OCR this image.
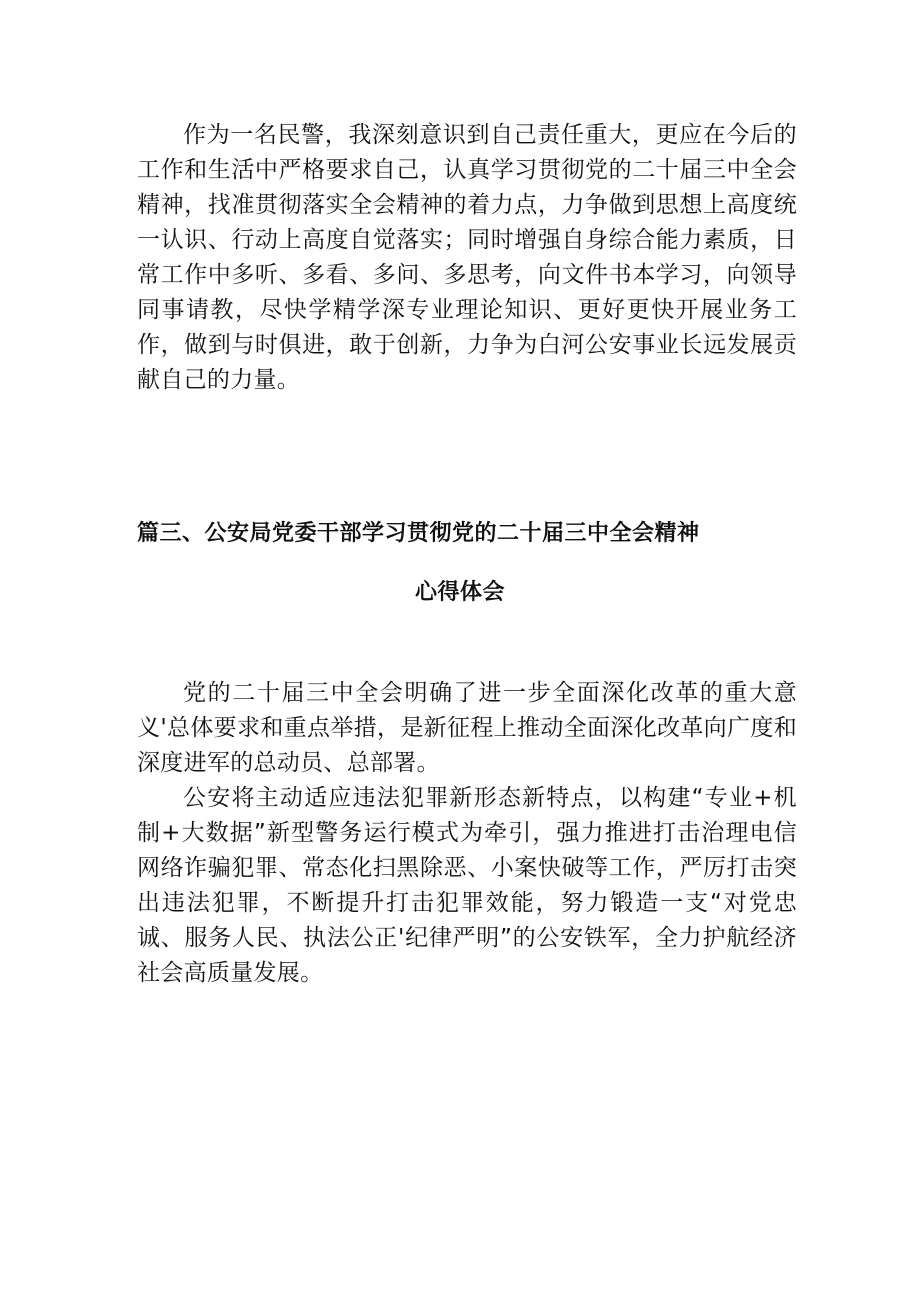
作为一名民警，我深刻意识到自己责任重大，更应在今后的工作和生活中严格要求自己，认真学习贯彻党的二十届三中全会精神，找准贯彻落实全会精神的着力点，力争做到思想上高度统一认识、行动上高度自觉落实；同时增强自身综合能力素质，日常工作中多听、多看、多问、多思考，向文件书本学习，向领导同事请教，尽快学精学深专业理论知识、更好更快开展业务工作，做到与时俱进，敢于创新，力争为白河公安事业长远发展贡献自己的力量。

篇三、公安局党委干部学习贯彻党的二十届三中全会精神
心得体会

党的二十届三中全会明确了进一步全面深化改革的重大意义'总体要求和重点举措，是新征程上推动全面深化改革向广度和深度进军的总动员、总部署。

公安将主动适应违法犯罪新形态新特点，以构建“专业+机制+大数据”新型警务运行模式为牵引，强力推进打击治理电信网络诈骗犯罪、常态化扫黑除恶、小案快破等工作，严厉打击突出违法犯罪，不断提升打击犯罪效能，努力锻造一支“对党忠诚、服务人民、执法公正'纪律严明”的公安铁军，全力护航经济社会高质量发展。
